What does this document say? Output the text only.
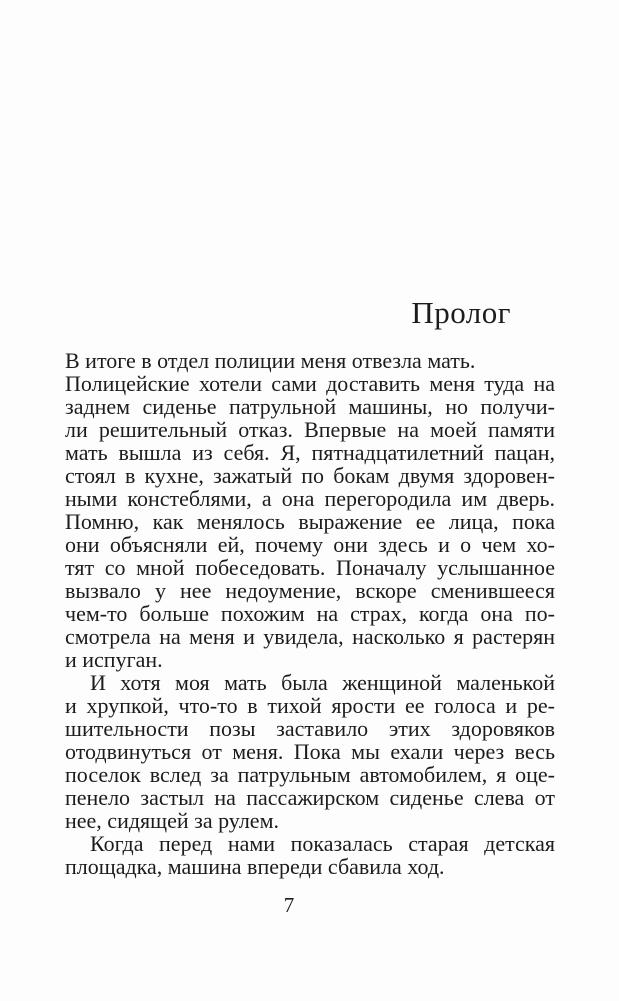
Пролог
В итоге в отдел полиции меня отвезла мать.
Полицейские хотели сами доставить меня туда на
заднем сиденье патрульной машины, но получи-
ли решительный отказ. Впервые на моей памяти
мать вышла из себя. Я, пятнадцатилетний пацан,
стоял в кухне, зажатый по бокам двумя здоровен-
ными констеблями, а она перегородила им дверь.
Помню, как менялось выражение ее лица, пока
они объясняли ей, почему они здесь и о чем хо-
тят со мной побеседовать. Поначалу услышанное
вызвало у нее недоумение, вскоре сменившееся
чем-то больше похожим на страх, когда она по-
смотрела на меня и увидела, насколько я растерян
и испуган.
И хотя моя мать была женщиной маленькой
и хрупкой, что-то в тихой ярости ее голоса и ре-
шительности позы заставило этих здоровяков
отодвинуться от меня. Пока мы ехали через весь
поселок вслед за патрульным автомобилем, я оце-
пенело застыл на пассажирском сиденье слева от
нее, сидящей за рулем.
Когда перед нами показалась старая детская
площадка, машина впереди сбавила ход.
7
